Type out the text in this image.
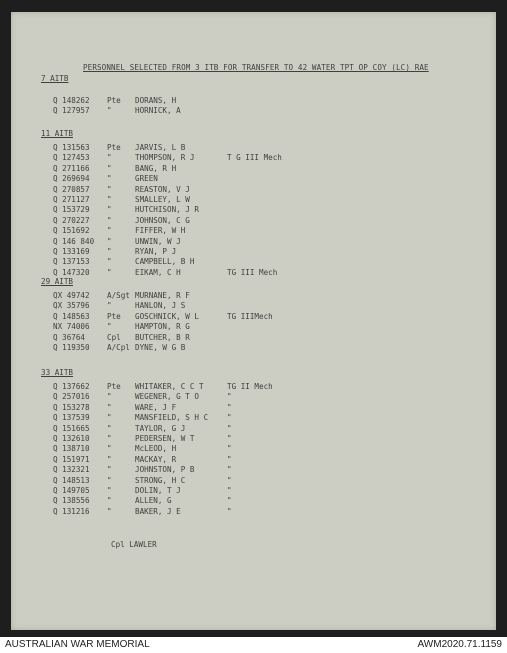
PERSONNEL SELECTED FROM 3 ITB FOR TRANSFER TO 42 WATER TPT OP COY (LC) RAE
7 AITB
Q 148262	Pte	DORANS, H
Q 127957	"	HORNICK, A
11 AITB
Q 131563	Pte	JARVIS, L B
Q 127453	"	THOMPSON, R J	T G III Mech
Q 271166	"	BANG, R H
Q 269694	"	GREEN
Q 270857	"	REASTON, V J
Q 271127	"	SMALLEY, L W
Q 153729	"	HUTCHISON, J R
Q 270227	"	JOHNSON, C G
Q 151692	"	FIFFER, W H
Q 146 840	"	UNWIN, W J
Q 133169	"	RYAN, P J
Q 137153	"	CAMPBELL, B H
Q 147320	"	EIKAM, C H	TG III Mech
29 AITB
QX 49742	A/Sgt MURNANE, R F
QX 35796	"	HANLON, J S
Q 148563	Pte	GOSCHNICK, W L	TG IIIMech
NX 74006	"	HAMPTON, R G
Q 36764	Cpl	BUTCHER, B R
Q 119350	A/Cpl DYNE, W G B
33 AITB
Q 137662	Pte	WHITAKER, C C T	TG II Mech
Q 257016	"	WEGENER, G T O	"
Q 153278	"	WARE, J F	"
Q 137539	"	MANSFIELD, S H C "
Q 151665	"	TAYLOR, G J	"
Q 132610	"	PEDERSEN, W T	"
Q 138710	"	McLEOD, H	"
Q 151971	"	MACKAY, R	"
Q 132321	"	JOHNSTON, P B	"
Q 148513	"	STRONG, H C	"
Q 149705	"	DOLIN, T J	"
Q 138556	"	ALLEN, G	"
Q 131216	"	BAKER, J E	"
Cpl LAWLER
AUSTRALIAN WAR MEMORIAL	AWM2020.71.1159
